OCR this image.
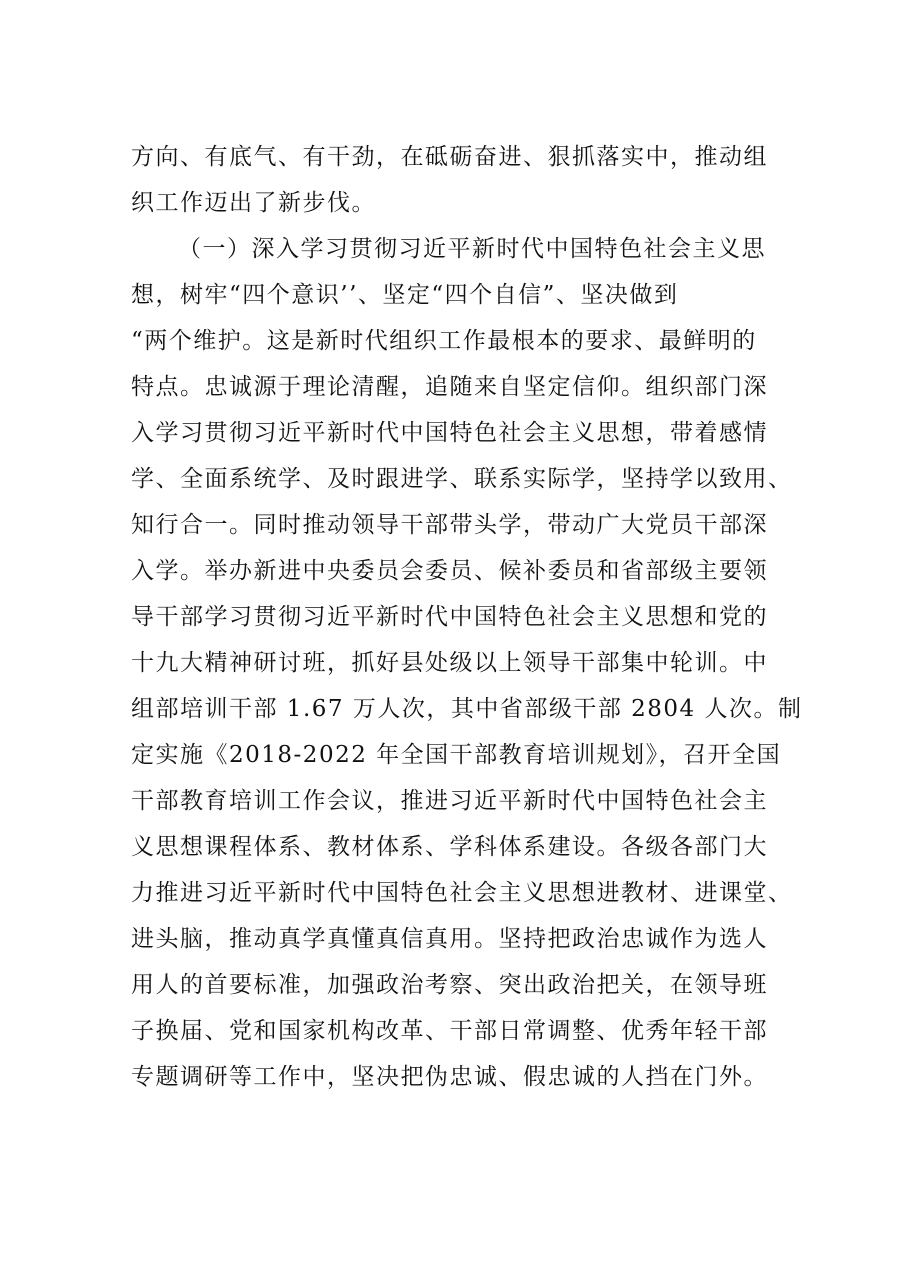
方向、有底气、有干劲，在砥砺奋进、狠抓落实中，推动组
织工作迈出了新步伐。
（一）深入学习贯彻习近平新时代中国特色社会主义思
想，树牢“四个意识’’、坚定“四个自信”、坚决做到
“两个维护。这是新时代组织工作最根本的要求、最鲜明的
特点。忠诚源于理论清醒，追随来自坚定信仰。组织部门深
入学习贯彻习近平新时代中国特色社会主义思想，带着感情
学、全面系统学、及时跟进学、联系实际学，坚持学以致用、
知行合一。同时推动领导干部带头学，带动广大党员干部深
入学。举办新进中央委员会委员、候补委员和省部级主要领
导干部学习贯彻习近平新时代中国特色社会主义思想和党的
十九大精神研讨班，抓好县处级以上领导干部集中轮训。中
组部培训干部 1.67 万人次，其中省部级干部 2804 人次。制
定实施《2018-2022 年全国干部教育培训规划》，召开全国
干部教育培训工作会议，推进习近平新时代中国特色社会主
义思想课程体系、教材体系、学科体系建设。各级各部门大
力推进习近平新时代中国特色社会主义思想进教材、进课堂、
进头脑，推动真学真懂真信真用。坚持把政治忠诚作为选人
用人的首要标准，加强政治考察、突出政治把关，在领导班
子换届、党和国家机构改革、干部日常调整、优秀年轻干部
专题调研等工作中，坚决把伪忠诚、假忠诚的人挡在门外。
